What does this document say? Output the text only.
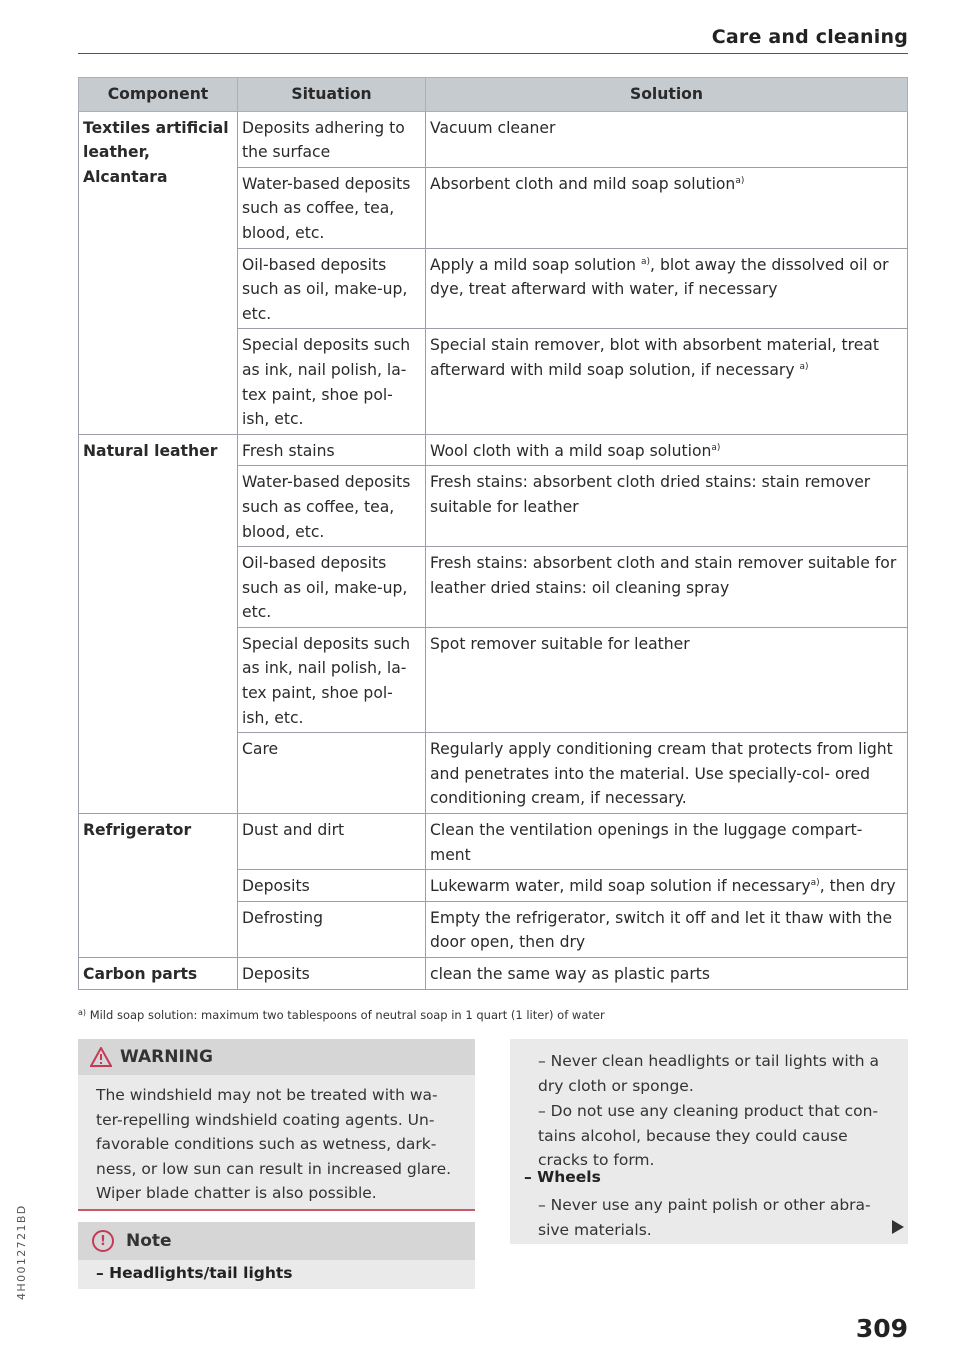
Care and cleaning
Component	Situation	Solution
Textiles artificial leather, Alcantara	Deposits adhering to the surface	Vacuum cleaner
	Water-based deposits such as coffee, tea, blood, etc.	Absorbent cloth and mild soap solution$^{a)}$
	Oil-based deposits such as oil, make-up, etc.	Apply a mild soap solution $^{a)}$, blot away the dissolved oil or dye, treat afterward with water, if necessary
	Special deposits such as ink, nail polish, la- tex paint, shoe pol- ish, etc.	Special stain remover, blot with absorbent material, treat afterward with mild soap solution, if necessary $^{a)}$
Natural leather	Fresh stains	Wool cloth with a mild soap solution$^{a)}$
	Water-based deposits such as coffee, tea, blood, etc.	Fresh stains: absorbent cloth dried stains: stain remover suitable for leather
	Oil-based deposits such as oil, make-up, etc.	Fresh stains: absorbent cloth and stain remover suitable for leather dried stains: oil cleaning spray
	Special deposits such as ink, nail polish, la- tex paint, shoe pol- ish, etc.	Spot remover suitable for leather
	Care	Regularly apply conditioning cream that protects from light and penetrates into the material. Use specially-col- ored conditioning cream, if necessary.
Refrigerator	Dust and dirt	Clean the ventilation openings in the luggage compart- ment
	Deposits	Lukewarm water, mild soap solution if necessary$^{a)}$, then dry
	Defrosting	Empty the refrigerator, switch it off and let it thaw with the door open, then dry
Carbon parts	Deposits	clean the same way as plastic parts
$^{a)}$ Mild soap solution: maximum two tablespoons of neutral soap in 1 quart (1 liter) of water
WARNING
The windshield may not be treated with wa- ter-repelling windshield coating agents. Un- favorable conditions such as wetness, dark- ness, or low sun can result in increased glare. Wiper blade chatter is also possible.
!	Note
– Headlights/tail lights
– Never clean headlights or tail lights with a dry cloth or sponge.
– Do not use any cleaning product that con- tains alcohol, because they could cause cracks to form.
– Wheels
– Never use any paint polish or other abra- sive materials.
309
4H0012721BD
